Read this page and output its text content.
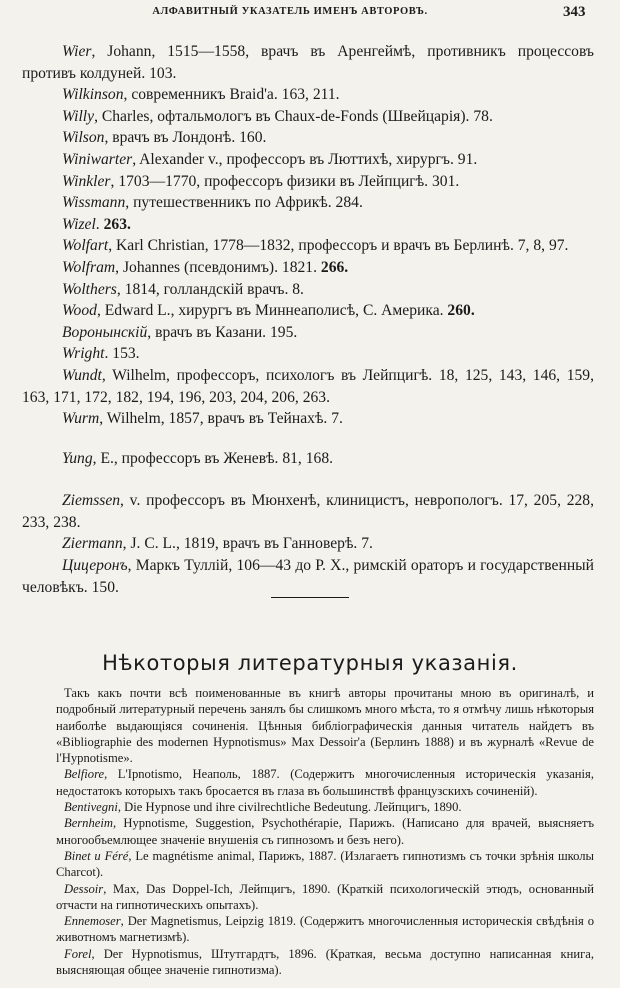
АЛФАВИТНЫЙ УКАЗАТЕЛЬ ИМЕНЪ АВТОРОВЪ.	343

Wier, Johann, 1515—1558, врачъ въ Аренгеймѣ, противникъ процессовъ противъ колдуней. 103.

Wilkinson, современникъ Braid'a. 163, 211.

Willy, Charles, офтальмологъ въ Chaux-de-Fonds (Швейцарія). 78.

Wilson, врачъ въ Лондонѣ. 160.

Winiwarter, Alexander v., профессоръ въ Люттихѣ, хирургъ. 91.

Winkler, 1703—1770, профессоръ физики въ Лейпцигѣ. 301.

Wissmann, путешественникъ по Африкѣ. 284.

Wizel. 263.

Wolfart, Karl Christian, 1778—1832, профессоръ и врачъ въ Берлинѣ. 7, 8, 97.

Wolfram, Johannes (псевдонимъ). 1821. 266.

Wolthers, 1814, голландскій врачъ. 8.

Wood, Edward L., хирургъ въ Миннеаполисѣ, С. Америка. 260.

Воронынскій, врачъ въ Казани. 195.

Wright. 153.

Wundt, Wilhelm, профессоръ, психологъ въ Лейпцигѣ. 18, 125, 143, 146, 159, 163, 171, 172, 182, 194, 196, 203, 204, 206, 263.

Wurm, Wilhelm, 1857, врачъ въ Тейнахѣ. 7.

Yung, E., профессоръ въ Женевѣ. 81, 168.

Ziemssen, v. профессоръ въ Мюнхенѣ, клиницистъ, невропологъ. 17, 205, 228, 233, 238.

Ziermann, J. C. L., 1819, врачъ въ Ганноверѣ. 7.

Цицеронъ, Маркъ Туллій, 106—43 до Р. Х., римскій ораторъ и государственный человѣкъ. 150.

Нѣкоторыя литературныя указанія.

Такъ какъ почти всѣ поименованные въ книгѣ авторы прочитаны мною въ оригиналѣ, и подробный литературный перечень занялъ бы слишкомъ много мѣста, то я отмѣчу лишь нѣкоторыя наиболѣе выдающіяся сочиненія. Цѣнныя библіографическія данныя читатель найдетъ въ «Bibliographie des modernen Hypnotismus» Max Dessoir'а (Берлинъ 1888) и въ журналѣ «Revue de l'Hypnotisme».

Belfiore, L'Ipnotismo, Неаполь, 1887. (Содержитъ многочисленныя историческія указанія, недостатокъ которыхъ такъ бросается въ глаза въ большинствѣ французскихъ сочиненій).

Bentivegni, Die Hypnose und ihre civilrechtliche Bedeutung. Лейпцигъ, 1890.

Bernheim, Hypnotisme, Suggestion, Psychothérapie, Парижъ. (Написано для врачей, выясняетъ многообъемлющее значеніе внушенія съ гипнозомъ и безъ него).

Binet и Féré, Le magnétisme animal, Парижъ, 1887. (Излагаетъ гипнотизмъ съ точки зрѣнія школы Charcot).

Dessoir, Max, Das Doppel-Ich, Лейпцигъ, 1890. (Краткій психологическій этюдъ, основанный отчасти на гипнотическихъ опытахъ).

Ennemoser, Der Magnetismus, Leipzig 1819. (Содержитъ многочисленныя историческія свѣдѣнія о животномъ магнетизмѣ).

Forel, Der Hypnotismus, Штутгардтъ, 1896. (Краткая, весьма доступно написанная книга, выясняющая общее значеніе гипнотизма).
